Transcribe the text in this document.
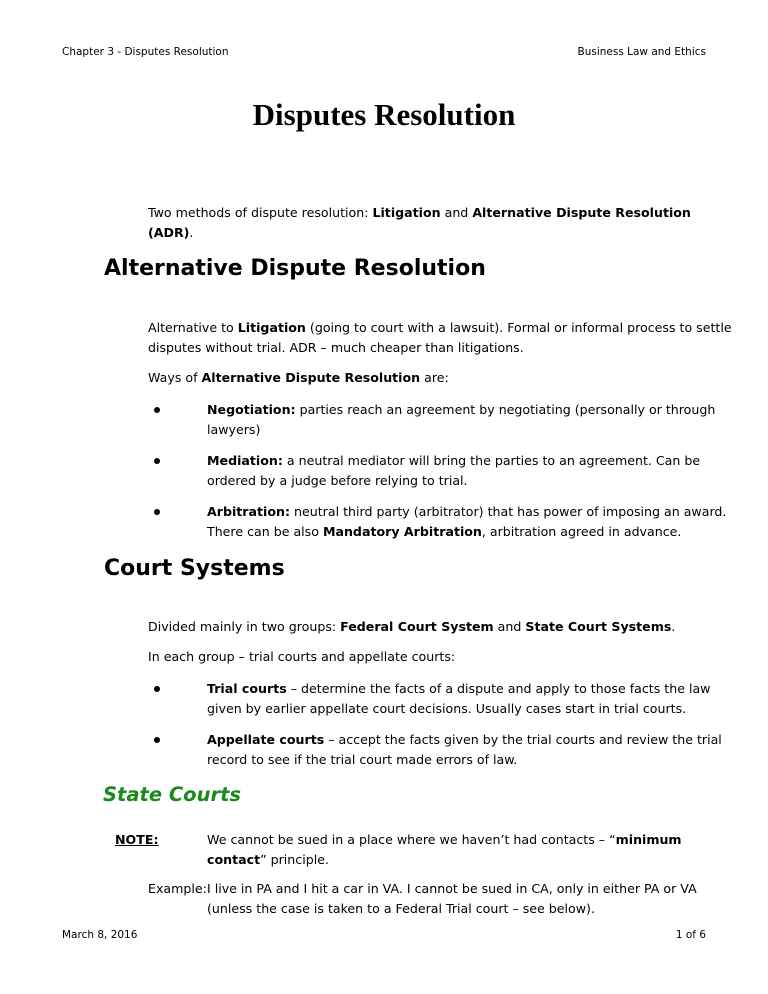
Chapter 3 - Disputes Resolution	Business Law and Ethics
Disputes Resolution
Two methods of dispute resolution: Litigation and Alternative Dispute Resolution
(ADR).
Alternative Dispute Resolution
Alternative to Litigation (going to court with a lawsuit). Formal or informal process to settle
disputes without trial. ADR – much cheaper than litigations.
Ways of Alternative Dispute Resolution are:
Negotiation: parties reach an agreement by negotiating (personally or through
lawyers)
Mediation: a neutral mediator will bring the parties to an agreement. Can be
ordered by a judge before relying to trial.
Arbitration: neutral third party (arbitrator) that has power of imposing an award.
There can be also Mandatory Arbitration, arbitration agreed in advance.
Court Systems
Divided mainly in two groups: Federal Court System and State Court Systems.
In each group – trial courts and appellate courts:
Trial courts – determine the facts of a dispute and apply to those facts the law
given by earlier appellate court decisions. Usually cases start in trial courts.
Appellate courts – accept the facts given by the trial courts and review the trial
record to see if the trial court made errors of law.
State Courts
NOTE:	We cannot be sued in a place where we haven’t had contacts – “minimum
contact” principle.
Example: I live in PA and I hit a car in VA. I cannot be sued in CA, only in either PA or VA
(unless the case is taken to a Federal Trial court – see below).
March 8, 2016	1 of 6
